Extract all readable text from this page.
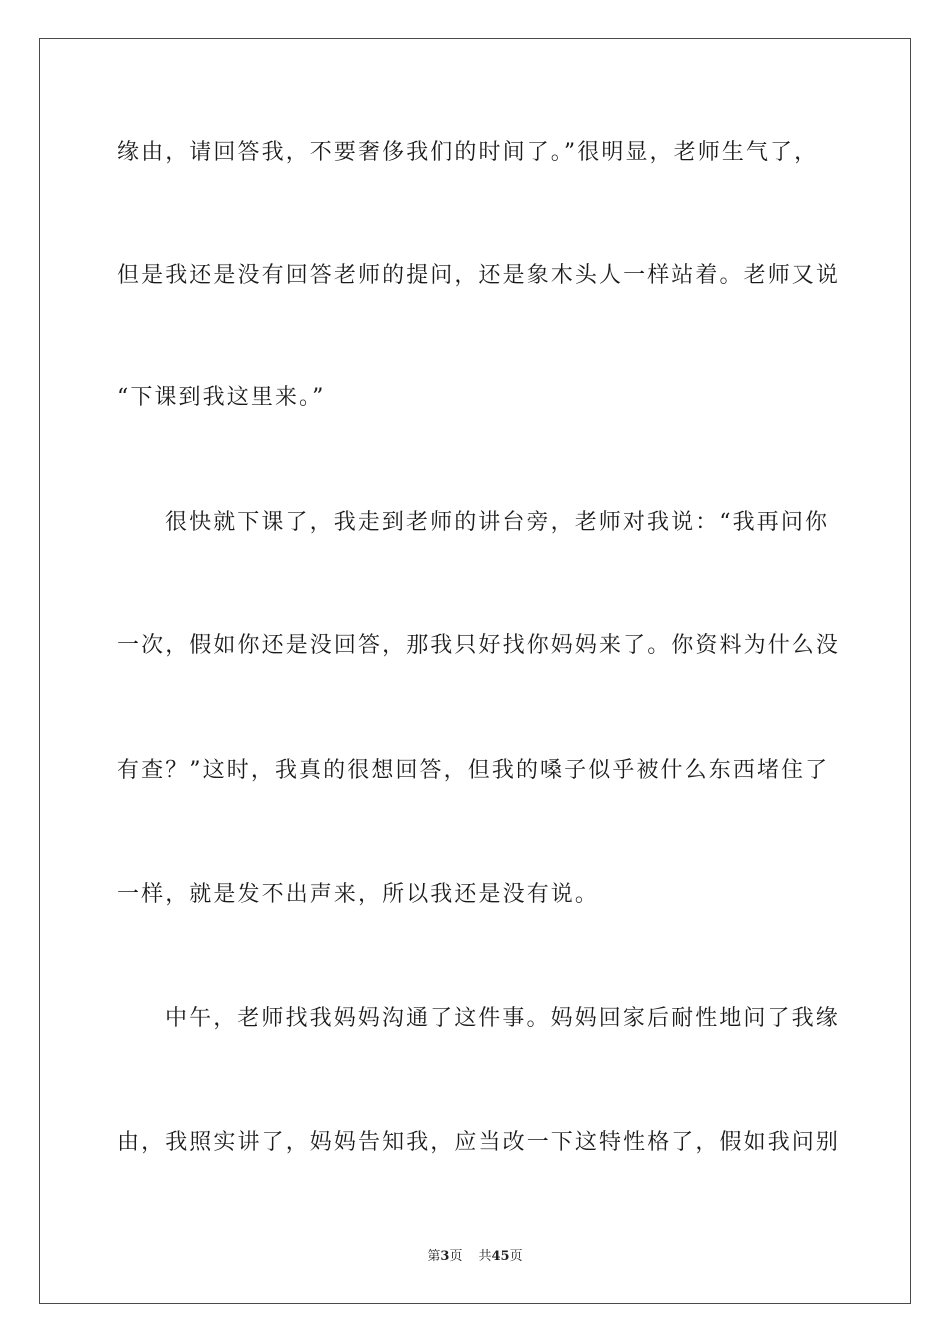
缘由，请回答我，不要奢侈我们的时间了。”很明显，老师生气了，
但是我还是没有回答老师的提问，还是象木头人一样站着。老师又说
“下课到我这里来。”
很快就下课了，我走到老师的讲台旁，老师对我说：“我再问你
一次，假如你还是没回答，那我只好找你妈妈来了。你资料为什么没
有查？”这时，我真的很想回答，但我的嗓子似乎被什么东西堵住了
一样，就是发不出声来，所以我还是没有说。
中午，老师找我妈妈沟通了这件事。妈妈回家后耐性地问了我缘
由，我照实讲了，妈妈告知我，应当改一下这特性格了，假如我问别
第3页 共45页
